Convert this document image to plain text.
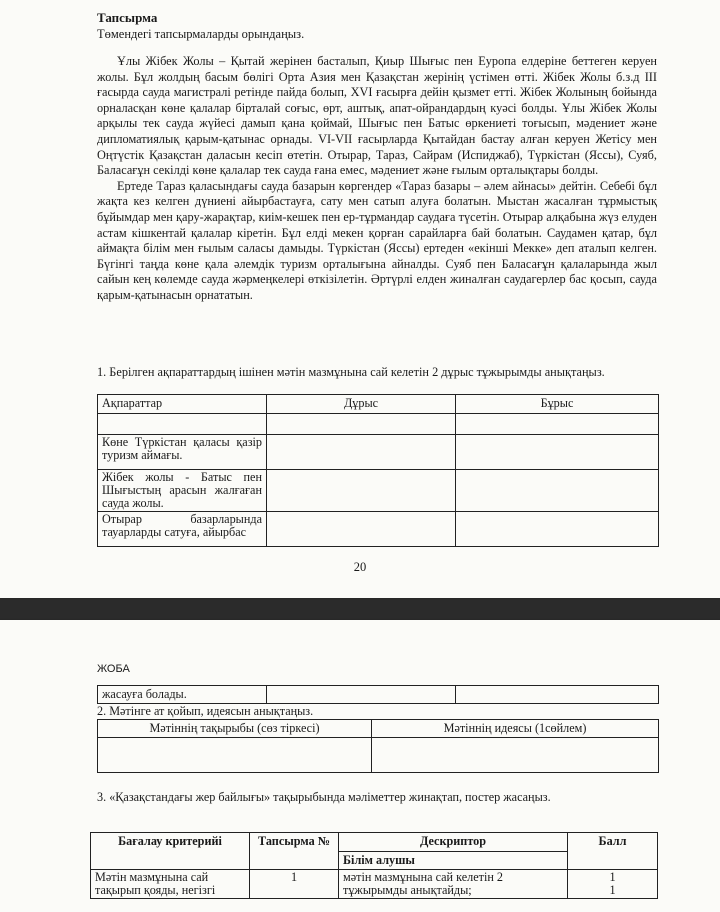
Тапсырма
Төмендегі тапсырмаларды орындаңыз.

Ұлы Жібек Жолы – Қытай жерінен басталып, Қиыр Шығыс пен Еуропа елдеріне беттеген керуен жолы. Бұл жолдың басым бөлігі Орта Азия мен Қазақстан жерінің үстімен өтті. Жібек Жолы б.з.д ІІІ ғасырда сауда магистралі ретінде пайда болып, XVI ғасырға дейін қызмет етті. Жібек Жолының бойында орналасқан көне қалалар бірталай соғыс, өрт, аштық, апат-ойрандардың куәсі болды. Ұлы Жібек Жолы арқылы тек сауда жүйесі дамып қана қоймай, Шығыс пен Батыс өркениеті тоғысып, мәдениет және дипломатиялық қарым-қатынас орнады. VI-VII ғасырларда Қытайдан бастау алған керуен Жетісу мен Оңтүстік Қазақстан даласын кесіп өтетін. Отырар, Тараз, Сайрам (Испиджаб), Түркістан (Яссы), Суяб, Баласағұн секілді көне қалалар тек сауда ғана емес, мәдениет және ғылым орталықтары болды.

Ертеде Тараз қаласындағы сауда базарын көргендер «Тараз базары – әлем айнасы» дейтін. Себебі бұл жақта кез келген дүниені айырбастауға, сату мен сатып алуға болатын. Мыстан жасалған тұрмыстық бұйымдар мен қару-жарақтар, киім-кешек пен ер-тұрмандар саудаға түсетін. Отырар алқабына жүз елуден астам кішкентай қалалар кіретін. Бұл елді мекен қорған сарайларға бай болатын. Саудамен қатар, бұл аймақта білім мен ғылым саласы дамыды. Түркістан (Яссы) ертеден «екінші Мекке» деп аталып келген. Бүгінгі таңда көне қала әлемдік туризм орталығына айналды. Суяб пен Баласағұн қалаларында жыл сайын кең көлемде сауда жәрмеңкелері өткізілетін. Әртүрлі елден жиналған саудагерлер бас қосып, сауда қарым-қатынасын орнататын.

1. Берілген ақпараттардың ішінен мәтін мазмұнына сай келетін 2 дұрыс тұжырымды анықтаңыз.
Ақпараттар	Дұрыс	Бұрыс

Көне Түркістан қаласы қазір туризм аймағы.		
Жібек жолы - Батыс пен Шығыстың арасын жалғаған сауда жолы.		
Отырар базарларында тауарларды сатуға, айырбас		
20
ЖОБА
жасауға болады.		
2. Мәтінге ат қойып, идеясын анықтаңыз.
Мәтіннің тақырыбы (сөз тіркесі)	Мәтіннің идеясы (1сөйлем)

3. «Қазақстандағы жер байлығы» тақырыбында мәліметтер жинақтап, постер жасаңыз.
Бағалау критерийі	Тапсырма №	Дескриптор	Балл
		Білім алушы	
Мәтін мазмұнына сай тақырып қояды, негізгі	1	мәтін мазмұнына сай келетін 2 тұжырымды анықтайды;	1
1
